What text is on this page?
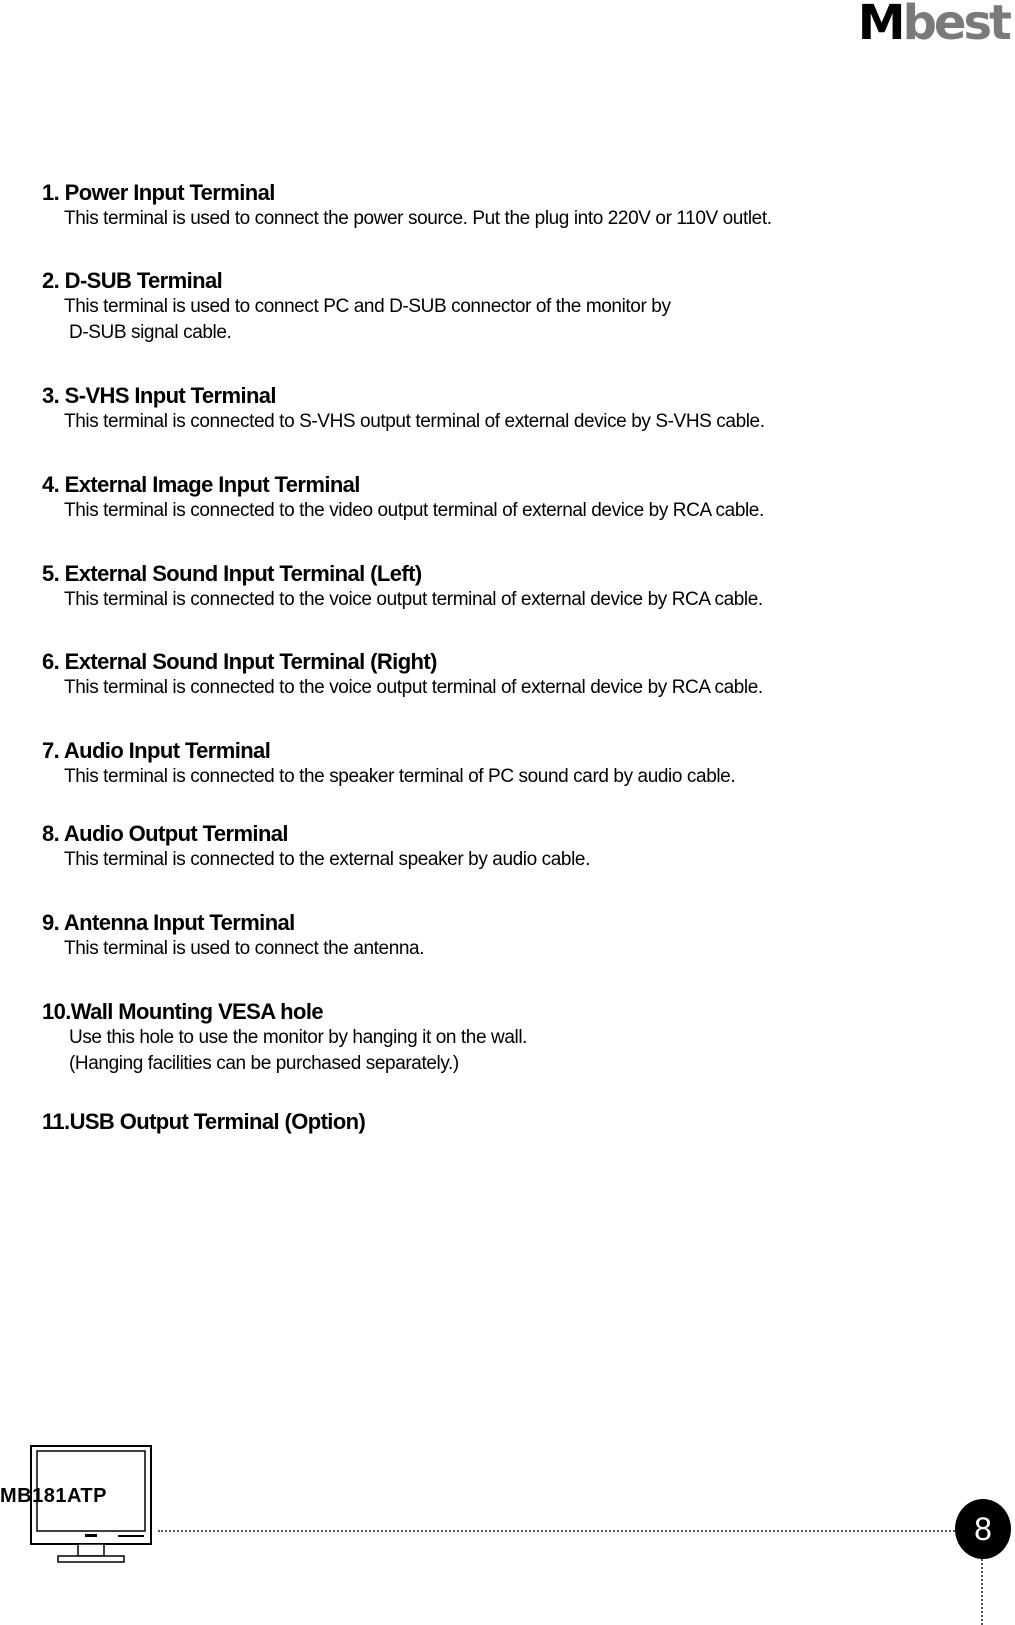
Mbest
1. Power Input Terminal
This terminal is used to connect the power source. Put the plug into 220V or 110V outlet.
2. D-SUB Terminal
This terminal is used to connect PC and D-SUB connector of the monitor by
D-SUB signal cable.
3. S-VHS Input Terminal
This terminal is connected to S-VHS output terminal of external device by S-VHS cable.
4. External Image Input Terminal
This terminal is connected to the video output terminal of external device by RCA cable.
5. External Sound Input Terminal (Left)
This terminal is connected to the voice output terminal of external device by RCA cable.
6. External Sound Input Terminal (Right)
This terminal is connected to the voice output terminal of external device by RCA cable.
7. Audio Input Terminal
This terminal is connected to the speaker terminal of PC sound card by audio cable.
8. Audio Output Terminal
This terminal is connected to the external speaker by audio cable.
9. Antenna Input Terminal
This terminal is used to connect the antenna.
10.Wall Mounting VESA hole
Use this hole to use the monitor by hanging it on the wall.
(Hanging facilities can be purchased separately.)
11.USB Output Terminal (Option)
MB181ATP
8
